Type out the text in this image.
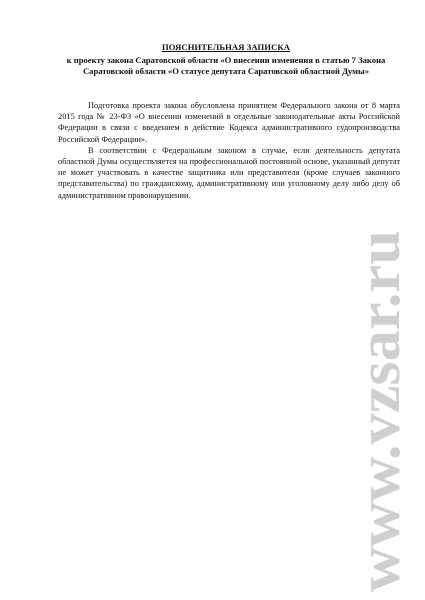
ПОЯСНИТЕЛЬНАЯ ЗАПИСКА
к проекту закона Саратовской области «О внесении изменения в статью 7 Закона Саратовской области «О статусе депутата Саратовской областной Думы»

Подготовка проекта закона обусловлена принятием Федерального закона от 8 марта 2015 года № 23-ФЗ «О внесении изменений в отдельные законодательные акты Российской Федерации в связи с введением в действие Кодекса административного судопроизводства Российской Федерации».

В соответствии с Федеральным законом в случае, если деятельность депутата областной Думы осуществляется на профессиональной постоянной основе, указанный депутат не может участвовать в качестве защитника или представителя (кроме случаев законного представительства) по гражданскому, административному или уголовному делу либо делу об административном правонарушении.

www.vzsar.ru
